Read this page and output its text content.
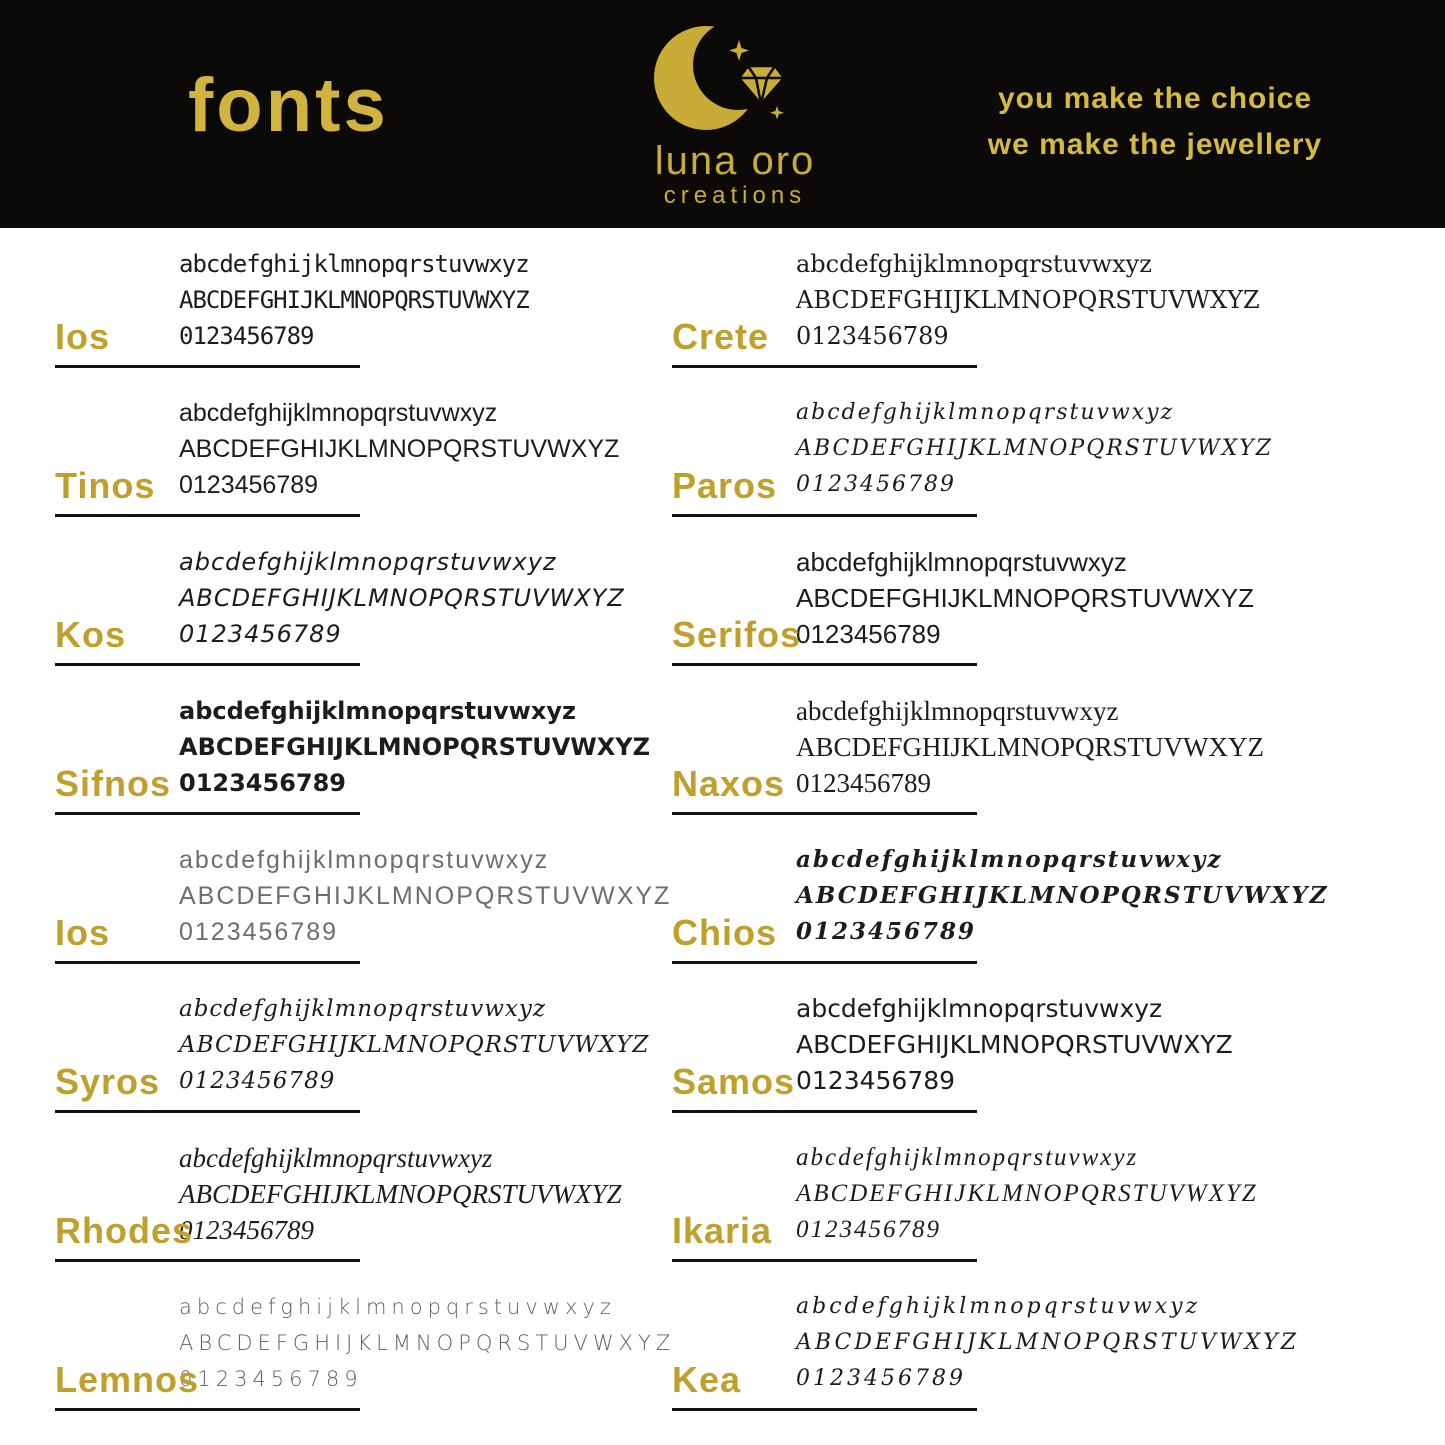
fonts
luna oro
creations
you make the choice
we make the jewellery
abcdefghijklmnopqrstuvwxyz
ABCDEFGHIJKLMNOPQRSTUVWXYZ
0123456789
Ios
abcdefghijklmnopqrstuvwxyz
ABCDEFGHIJKLMNOPQRSTUVWXYZ
0123456789
Tinos
abcdefghijklmnopqrstuvwxyz
ABCDEFGHIJKLMNOPQRSTUVWXYZ
0123456789
Kos
abcdefghijklmnopqrstuvwxyz
ABCDEFGHIJKLMNOPQRSTUVWXYZ
0123456789
Sifnos
abcdefghijklmnopqrstuvwxyz
ABCDEFGHIJKLMNOPQRSTUVWXYZ
0123456789
Ios
abcdefghijklmnopqrstuvwxyz
ABCDEFGHIJKLMNOPQRSTUVWXYZ
0123456789
Syros
abcdefghijklmnopqrstuvwxyz
ABCDEFGHIJKLMNOPQRSTUVWXYZ
0123456789
Rhodes
abcdefghijklmnopqrstuvwxyz
ABCDEFGHIJKLMNOPQRSTUVWXYZ
0123456789
Lemnos
abcdefghijklmnopqrstuvwxyz
ABCDEFGHIJKLMNOPQRSTUVWXYZ
0123456789
Crete
abcdefghijklmnopqrstuvwxyz
ABCDEFGHIJKLMNOPQRSTUVWXYZ
0123456789
Paros
abcdefghijklmnopqrstuvwxyz
ABCDEFGHIJKLMNOPQRSTUVWXYZ
0123456789
Serifos
abcdefghijklmnopqrstuvwxyz
ABCDEFGHIJKLMNOPQRSTUVWXYZ
0123456789
Naxos
abcdefghijklmnopqrstuvwxyz
ABCDEFGHIJKLMNOPQRSTUVWXYZ
0123456789
Chios
abcdefghijklmnopqrstuvwxyz
ABCDEFGHIJKLMNOPQRSTUVWXYZ
0123456789
Samos
abcdefghijklmnopqrstuvwxyz
ABCDEFGHIJKLMNOPQRSTUVWXYZ
0123456789
Ikaria
abcdefghijklmnopqrstuvwxyz
ABCDEFGHIJKLMNOPQRSTUVWXYZ
0123456789
Kea
